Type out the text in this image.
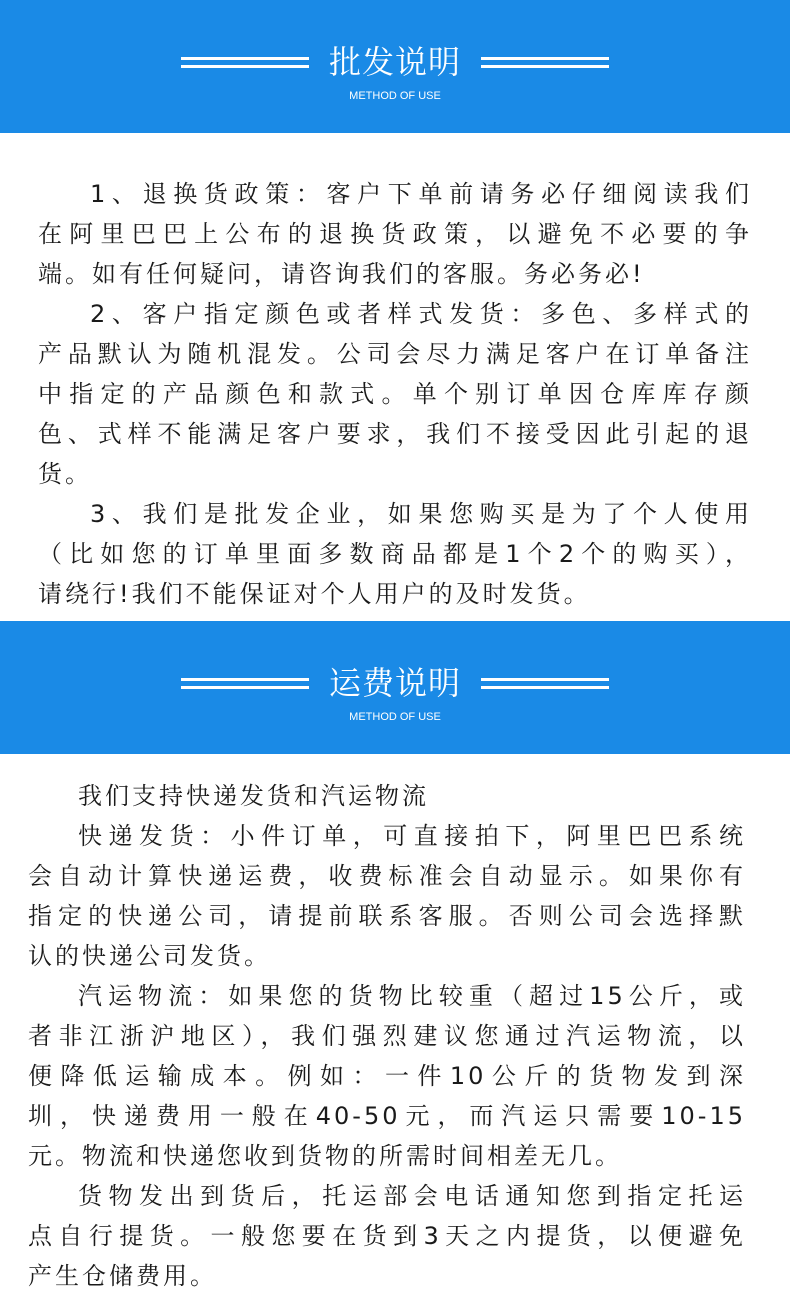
批发说明
METHOD OF USE
1、退换货政策：客户下单前请务必仔细阅读我们
在阿里巴巴上公布的退换货政策，以避免不必要的争
端。如有任何疑问，请咨询我们的客服。务必务必!
2、客户指定颜色或者样式发货：多色、多样式的
产品默认为随机混发。公司会尽力满足客户在订单备注
中指定的产品颜色和款式。单个别订单因仓库库存颜
色、式样不能满足客户要求，我们不接受因此引起的退
货。
3、我们是批发企业，如果您购买是为了个人使用
（比如您的订单里面多数商品都是1个2个的购买），
请绕行!我们不能保证对个人用户的及时发货。
运费说明
METHOD OF USE
我们支持快递发货和汽运物流
快递发货：小件订单，可直接拍下，阿里巴巴系统
会自动计算快递运费，收费标准会自动显示。如果你有
指定的快递公司，请提前联系客服。否则公司会选择默
认的快递公司发货。
汽运物流：如果您的货物比较重（超过15公斤，或
者非江浙沪地区），我们强烈建议您通过汽运物流，以
便降低运输成本。例如：一件10公斤的货物发到深
圳，快递费用一般在40-50元，而汽运只需要10-15
元。物流和快递您收到货物的所需时间相差无几。
货物发出到货后，托运部会电话通知您到指定托运
点自行提货。一般您要在货到3天之内提货，以便避免
产生仓储费用。
